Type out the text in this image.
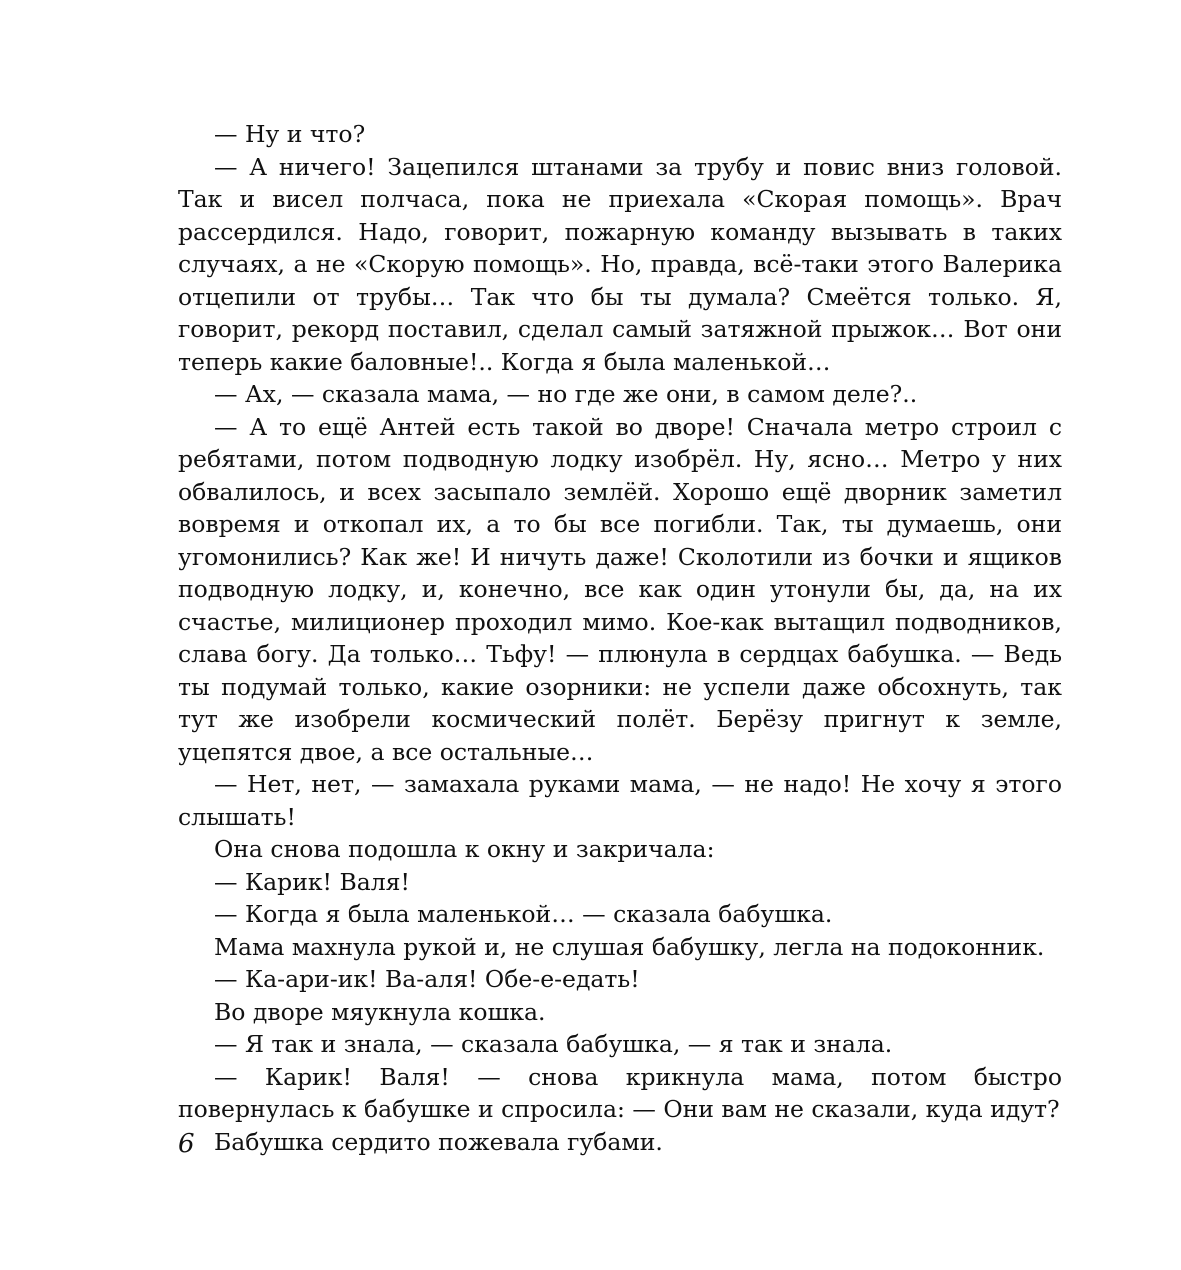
— Ну и что?

— А ничего! Зацепился штанами за трубу и повис вниз головой. Так и висел полчаса, пока не приехала «Скорая помощь». Врач рассердился. Надо, говорит, пожарную команду вызывать в таких случаях, а не «Скорую помощь». Но, правда, всё-таки этого Валерика отцепили от трубы… Так что бы ты думала? Смеётся только. Я, говорит, рекорд поставил, сделал самый затяжной прыжок… Вот они теперь какие баловные!.. Когда я была маленькой…

— Ах, — сказала мама, — но где же они, в самом деле?..

— А то ещё Антей есть такой во дворе! Сначала метро строил с ребятами, потом подводную лодку изобрёл. Ну, ясно… Метро у них обвалилось, и всех засыпало землёй. Хорошо ещё дворник заметил вовремя и откопал их, а то бы все погибли. Так, ты думаешь, они угомонились? Как же! И ничуть даже! Сколотили из бочки и ящиков подводную лодку, и, конечно, все как один утонули бы, да, на их счастье, милиционер проходил мимо. Кое-как вытащил подводников, слава богу. Да только… Тьфу! — плюнула в сердцах бабушка. — Ведь ты подумай только, какие озорники: не успели даже обсохнуть, так тут же изобрели космический полёт. Берёзу пригнут к земле, уцепятся двое, а все остальные…

— Нет, нет, — замахала руками мама, — не надо! Не хочу я этого слышать!

Она снова подошла к окну и закричала:

— Карик! Валя!

— Когда я была маленькой… — сказала бабушка.

Мама махнула рукой и, не слушая бабушку, легла на подоконник.

— Ка-ари-ик! Ва-аля! Обе-е-едать!

Во дворе мяукнула кошка.

— Я так и знала, — сказала бабушка, — я так и знала.

— Карик! Валя! — снова крикнула мама, потом быстро повернулась к бабушке и спросила: — Они вам не сказали, куда идут?

Бабушка сердито пожевала губами.

6
